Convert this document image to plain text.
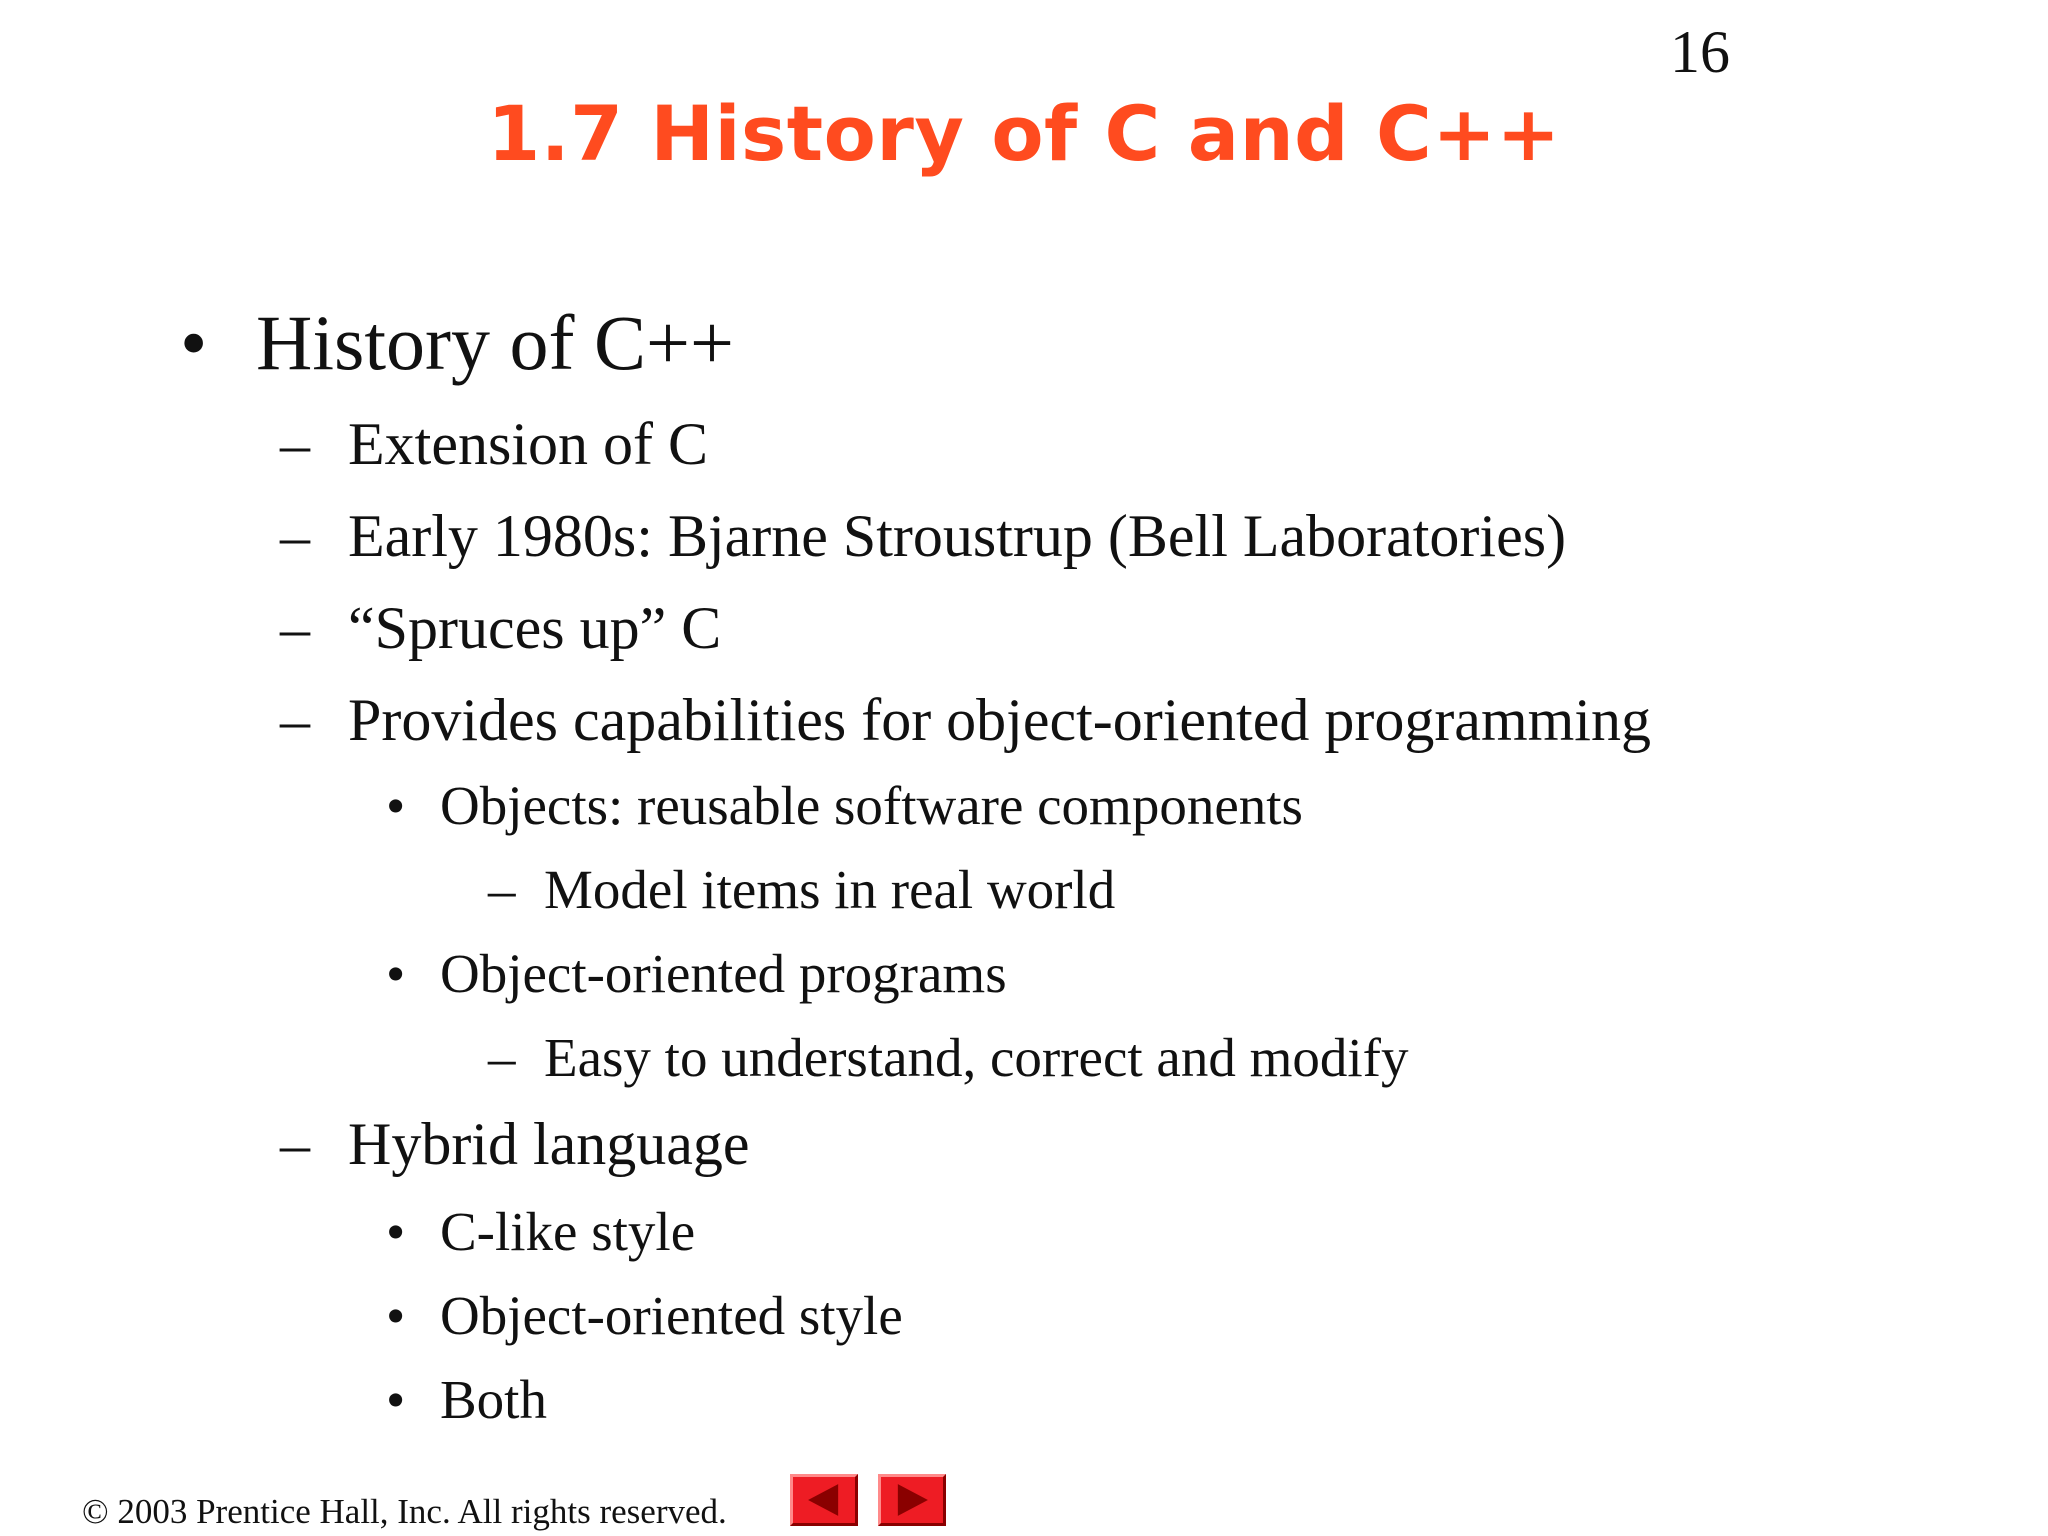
16
1.7 History of C and C++
• History of C++
– Extension of C
– Early 1980s: Bjarne Stroustrup (Bell Laboratories)
– “Spruces up” C
– Provides capabilities for object-oriented programming
• Objects: reusable software components
– Model items in real world
• Object-oriented programs
– Easy to understand, correct and modify
– Hybrid language
• C-like style
• Object-oriented style
• Both
© 2003 Prentice Hall, Inc. All rights reserved.
